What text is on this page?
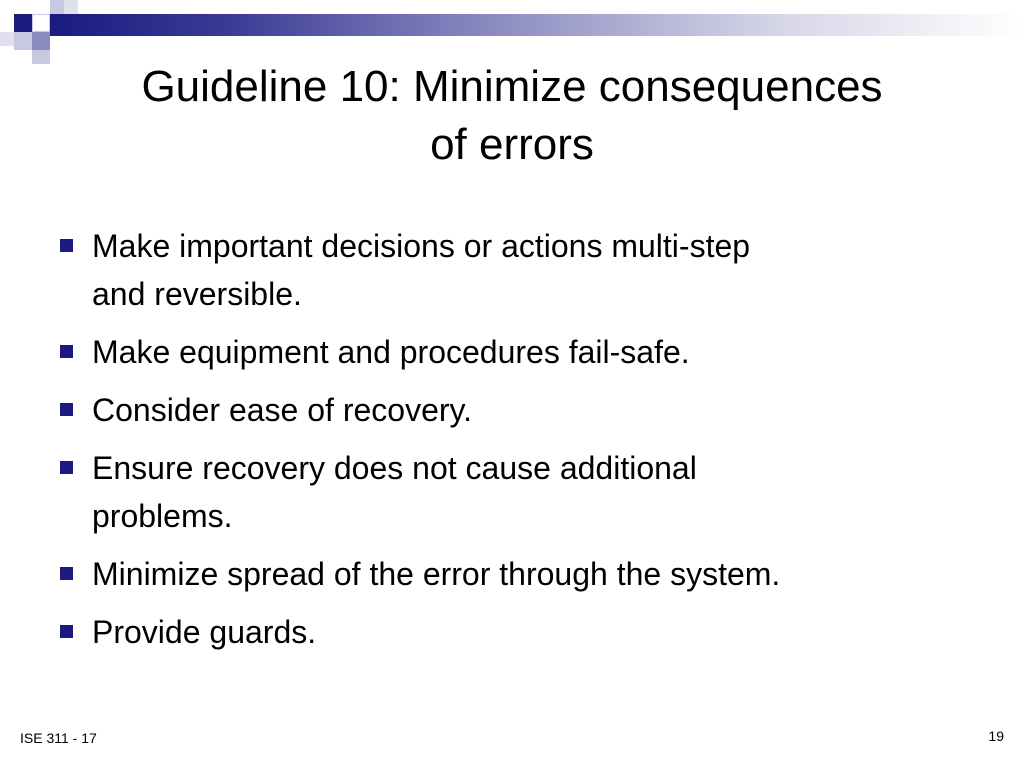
Guideline 10: Minimize consequences
of errors
Make important decisions or actions multi-step
and reversible.
Make equipment and procedures fail-safe.
Consider ease of recovery.
Ensure recovery does not cause additional
problems.
Minimize spread of the error through the system.
Provide guards.
ISE 311 - 17	19
